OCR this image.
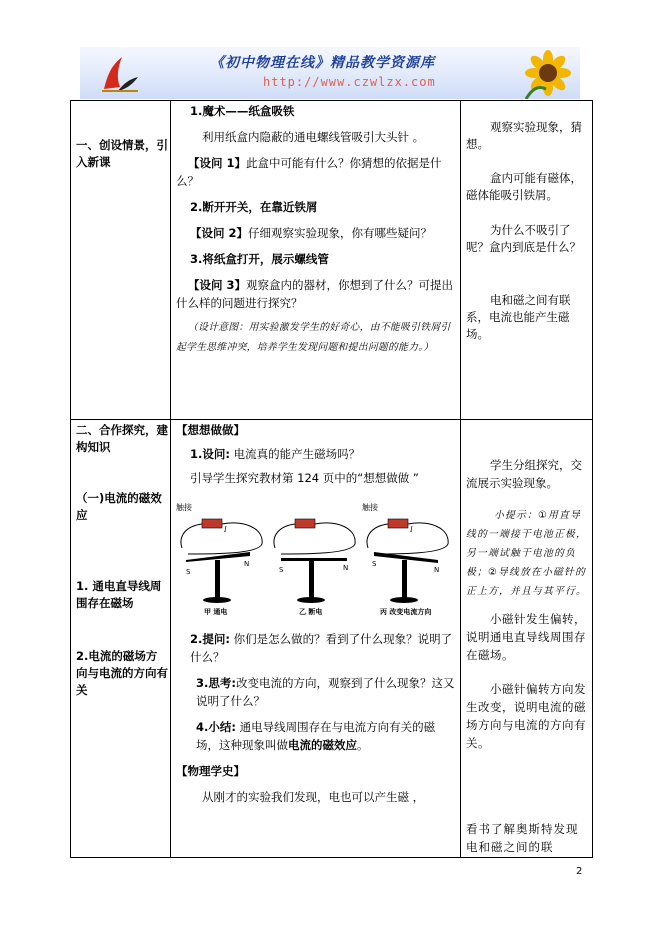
《初中物理在线》精品教学资源库
http://www.czwlzx.com
一、创设情景，引入新课
1.魔术——纸盒吸铁
利用纸盒内隐蔽的通电螺线管吸引大头针 。
【设问 1】此盒中可能有什么？你猜想的依据是什么？
2.断开开关，在靠近铁屑
【设问 2】仔细观察实验现象，你有哪些疑问？
3.将纸盒打开，展示螺线管
【设问 3】观察盒内的器材，你想到了什么？可提出什么样的问题进行探究？
（设计意图：用实验激发学生的好奇心，由不能吸引铁屑引起学生思维冲突，培养学生发现问题和提出问题的能力。）
观察实验现象，猜想。
盒内可能有磁体，磁体能吸引铁屑。
为什么不吸引了呢？盒内到底是什么？
电和磁之间有联系，电流也能产生磁场。
二、合作探究，建构知识
（一)电流的磁效应
1. 通电直导线周围存在磁场
2.电流的磁场方向与电流的方向有关
【想想做做】
1.设问: 电流真的能产生磁场吗？
引导学生探究教材第 124 页中的“想想做做 ”
触接
I
S
N
甲 通电
S	N
乙 断电
触接
I
S
N
丙 改变电流方向
2.提问: 你们是怎么做的？看到了什么现象？说明了什么？
3.思考:改变电流的方向，观察到了什么现象？这又说明了什么？
4.小结: 通电导线周围存在与电流方向有关的磁场，这种现象叫做电流的磁效应。
【物理学史】
从刚才的实验我们发现，电也可以产生磁 ，
学生分组探究，交流展示实验现象。
小提示：①用直导线的一端接干电池正极，另一端试触干电池的负极；②导线放在小磁针的正上方，并且与其平行。
小磁针发生偏转，说明通电直导线周围存在磁场。
小磁针偏转方向发生改变，说明电流的磁场方向与电流的方向有关。
看书了解奥斯特发现电和磁之间的联
2
